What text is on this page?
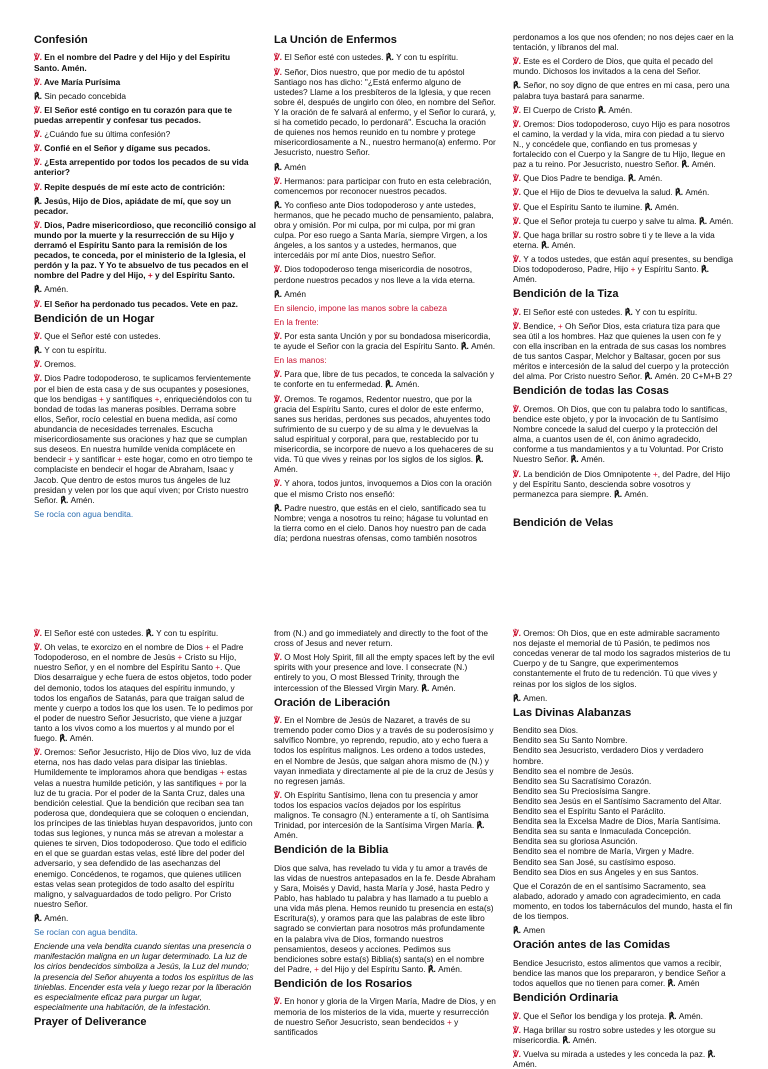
Confesión
℣. En el nombre del Padre y del Hijo y del Espíritu Santo. Amén.
℣. Ave María Purísima
℟. Sin pecado concebida
℣. El Señor esté contigo en tu corazón para que te puedas arrepentir y confesar tus pecados.
℣. ¿Cuándo fue su última confesión?
℣. Confié en el Señor y dígame sus pecados.
℣. ¿Esta arrepentido por todos los pecados de su vida anterior?
℣. Repite después de mí este acto de contrición:
℟. Jesús, Hijo de Dios, apiádate de mí, que soy un pecador.
℣. Dios, Padre misericordioso, que reconcilió consigo al mundo por la muerte y la resurrección de su Hijo y derramó el Espíritu Santo para la remisión de los pecados, te conceda, por el ministerio de la Iglesia, el perdón y la paz. Y Yo te absuelvo de tus pecados en el nombre del Padre y del Hijo, + y del Espíritu Santo.
℟. Amén.
℣. El Señor ha perdonado tus pecados. Vete en paz.
Bendición de un Hogar
℣. Que el Señor esté con ustedes.
℟. Y con tu espíritu.
℣. Oremos.
℣. Dios Padre todopoderoso, te suplicamos fervientemente por el bien de esta casa y de sus ocupantes y posesiones, que los bendigas + y santifiques +, enriqueciéndolos con tu bondad de todas las maneras posibles. Derrama sobre ellos, Señor, rocío celestial en buena medida, así como abundancia de necesidades terrenales. Escucha misericordiosamente sus oraciones y haz que se cumplan sus deseos. En nuestra humilde venida complácete en bendecir + y santificar + este hogar, como en otro tiempo te complaciste en bendecir el hogar de Abraham, Isaac y Jacob. Que dentro de estos muros tus ángeles de luz presidan y velen por los que aquí viven; por Cristo nuestro Señor. ℟. Amén.
Se rocía con agua bendita.
La Unción de Enfermos
℣. El Señor esté con ustedes. ℟. Y con tu espíritu.
℣. Señor, Dios nuestro, que por medio de tu apóstol Santiago nos has dicho: "¿Está enfermo alguno de ustedes? Llame a los presbíteros de la Iglesia, y que recen sobre él, después de ungirlo con óleo, en nombre del Señor. Y la oración de fe salvará al enfermo, y el Señor lo curará, y, si ha cometido pecado, lo perdonará". Escucha la oración de quienes nos hemos reunido en tu nombre y protege misericordiosamente a N., nuestro hermano(a) enfermo. Por Jesucristo, nuestro Señor.
℟. Amén
℣. Hermanos: para participar con fruto en esta celebración, comencemos por reconocer nuestros pecados.
℟. Yo confieso ante Dios todopoderoso y ante ustedes, hermanos, que he pecado mucho de pensamiento, palabra, obra y omisión. Por mi culpa, por mi culpa, por mi gran culpa. Por eso ruego a Santa María, siempre Virgen, a los ángeles, a los santos y a ustedes, hermanos, que intercedáis por mí ante Dios, nuestro Señor.
℣. Dios todopoderoso tenga misericordia de nosotros, perdone nuestros pecados y nos lleve a la vida eterna.
℟. Amén
En silencio, impone las manos sobre la cabeza
En la frente:
℣. Por esta santa Unción y por su bondadosa misericordia, te ayude el Señor con la gracia del Espíritu Santo. ℟. Amén.
En las manos:
℣. Para que, libre de tus pecados, te conceda la salvación y te conforte en tu enfermedad. ℟. Amén.
℣. Oremos. Te rogamos, Redentor nuestro, que por la gracia del Espíritu Santo, cures el dolor de este enfermo, sanes sus heridas, perdones sus pecados, ahuyentes todo sufrimiento de su cuerpo y de su alma y le devuelvas la salud espiritual y corporal, para que, restablecido por tu misericordia, se incorpore de nuevo a los quehaceres de su vida. Tú que vives y reinas por los siglos de los siglos. ℟. Amén.
℣. Y ahora, todos juntos, invoquemos a Dios con la oración que el mismo Cristo nos enseñó:
℟. Padre nuestro, que estás en el cielo, santificado sea tu Nombre; venga a nosotros tu reino; hágase tu voluntad en la tierra como en el cielo. Danos hoy nuestro pan de cada día; perdona nuestras ofensas, como también nosotros
perdonamos a los que nos ofenden; no nos dejes caer en la tentación, y líbranos del mal.
℣. Este es el Cordero de Dios, que quita el pecado del mundo. Dichosos los invitados a la cena del Señor.
℟. Señor, no soy digno de que entres en mi casa, pero una palabra tuya bastará para sanarme.
℣. El Cuerpo de Cristo ℟. Amén.
℣. Oremos: Dios todopoderoso, cuyo Hijo es para nosotros el camino, la verdad y la vida, mira con piedad a tu siervo N., y concédele que, confiando en tus promesas y fortalecido con el Cuerpo y la Sangre de tu Hijo, llegue en paz a tu reino. Por Jesucristo, nuestro Señor. ℟. Amén.
℣. Que Dios Padre te bendiga. ℟. Amén.
℣. Que el Hijo de Dios te devuelva la salud. ℟. Amén.
℣. Que el Espíritu Santo te ilumine. ℟. Amén.
℣. Que el Señor proteja tu cuerpo y salve tu alma. ℟. Amén.
℣. Que haga brillar su rostro sobre ti y te lleve a la vida eterna. ℟. Amén.
℣. Y a todos ustedes, que están aquí presentes, su bendiga Dios todopoderoso, Padre, Hijo + y Espíritu Santo. ℟. Amén.
Bendición de la Tiza
℣. El Señor esté con ustedes. ℟. Y con tu espíritu.
℣. Bendice, + Oh Señor Dios, esta criatura tiza para que sea útil a los hombres. Haz que quienes la usen con fe y con ella inscriban en la entrada de sus casas los nombres de tus santos Caspar, Melchor y Baltasar, gocen por sus méritos e intercesión de la salud del cuerpo y la protección del alma. Por Cristo nuestro Señor. ℟. Amén. 20 C+M+B 2?
Bendición de todas las Cosas
℣. Oremos. Oh Dios, que con tu palabra todo lo santificas, bendice este objeto, y por la invocación de tu Santísimo Nombre concede la salud del cuerpo y la protección del alma, a cuantos usen de él, con ánimo agradecido, conforme a tus mandamientos y a tu Voluntad. Por Cristo Nuestro Señor. ℟. Amén.
℣. La bendición de Dios Omnipotente +, del Padre, del Hijo y del Espíritu Santo, descienda sobre vosotros y permanezca para siempre. ℟. Amén.
Bendición de Velas
℣. El Señor esté con ustedes. ℟. Y con tu espíritu.
℣. Oh velas, te exorcizo en el nombre de Dios + el Padre Todopoderoso, en el nombre de Jesús + Cristo su Hijo, nuestro Señor, y en el nombre del Espíritu Santo +. Que Dios desarraigue y eche fuera de estos objetos, todo poder del demonio, todos los ataques del espíritu inmundo, y todos los engaños de Satanás, para que traigan salud de mente y cuerpo a todos los que los usen. Te lo pedimos por el poder de nuestro Señor Jesucristo, que viene a juzgar tanto a los vivos como a los muertos y al mundo por el fuego. ℟. Amén.
℣. Oremos: Señor Jesucristo, Hijo de Dios vivo, luz de vida eterna, nos has dado velas para disipar las tinieblas. Humildemente te imploramos ahora que bendigas + estas velas a nuestra humilde petición, y las santifiques + por la luz de tu gracia. Por el poder de la Santa Cruz, dales una bendición celestial. Que la bendición que reciban sea tan poderosa que, dondequiera que se coloquen o enciendan, los príncipes de las tinieblas huyan despavoridos, junto con todas sus legiones, y nunca más se atrevan a molestar a quienes te sirven, Dios todopoderoso. Que todo el edificio en el que se guardan estas velas, esté libre del poder del adversario, y sea defendido de las asechanzas del enemigo. Concédenos, te rogamos, que quienes utilicen estas velas sean protegidos de todo asalto del espíritu maligno, y salvaguardados de todo peligro. Por Cristo nuestro Señor.
℟. Amén.
Se rocían con agua bendita.
Enciende una vela bendita cuando sientas una presencia o manifestación maligna en un lugar determinado. La luz de los cirios bendecidos simboliza a Jesús, la Luz del mundo; la presencia del Señor ahuyenta a todos los espíritus de las tinieblas. Encender esta vela y luego rezar por la liberación es especialmente eficaz para purgar un lugar, especialmente una habitación, de la infestación.
Prayer of Deliverance
from (N.) and go immediately and directly to the foot of the cross of Jesus and never return.
℣. O Most Holy Spirit, fill all the empty spaces left by the evil spirits with your presence and love. I consecrate (N.) entirely to you, O most Blessed Trinity, through the intercession of the Blessed Virgin Mary. ℟. Amén.
Oración de Liberación
℣. En el Nombre de Jesús de Nazaret, a través de su tremendo poder como Dios y a través de su poderosísimo y salvífico Nombre, yo reprendo, repudio, ato y echo fuera a todos los espíritus malignos. Les ordeno a todos ustedes, en el Nombre de Jesús, que salgan ahora mismo de (N.) y vayan inmediata y directamente al pie de la cruz de Jesús y no regresen jamás.
℣. Oh Espíritu Santísimo, llena con tu presencia y amor todos los espacios vacíos dejados por los espíritus malignos. Te consagro (N.) enteramente a tí, oh Santísima Trinidad, por intercesión de la Santísima Virgen María. ℟. Amén.
Bendición de la Biblia
Dios que salva, has revelado tu vida y tu amor a través de las vidas de nuestros antepasados en la fe. Desde Abraham y Sara, Moisés y David, hasta María y José, hasta Pedro y Pablo, has hablado tu palabra y has llamado a tu pueblo a una vida más plena. Hemos reunido tu presencia en esta(s) Escritura(s), y oramos para que las palabras de este libro sagrado se conviertan para nosotros más profundamente en la palabra viva de Dios, formando nuestros pensamientos, deseos y acciones. Pedimos sus bendiciones sobre esta(s) Biblia(s) santa(s) en el nombre del Padre, + del Hijo y del Espíritu Santo. ℟. Amén.
Bendición de los Rosarios
℣. En honor y gloria de la Virgen María, Madre de Dios, y en memoria de los misterios de la vida, muerte y resurrección de nuestro Señor Jesucristo, sean bendecidos + y santificados
℣. Oremos: Oh Dios, que en este admirable sacramento nos dejaste el memorial de tú Pasión, te pedimos nos concedas venerar de tal modo los sagrados misterios de tu Cuerpo y de tu Sangre, que experimentemos constantemente el fruto de tu redención. Tú que vives y reinas por los siglos de los siglos.
℟. Amen.
Las Divinas Alabanzas
Bendito sea Dios.
Bendito sea Su Santo Nombre.
Bendito sea Jesucristo, verdadero Dios y verdadero hombre.
Bendito sea el nombre de Jesús.
Bendito sea Su Sacratísimo Corazón.
Bendito sea Su Preciosísima Sangre.
Bendito sea Jesús en el Santísimo Sacramento del Altar.
Bendito sea el Espíritu Santo el Paráclito.
Bendita sea la Excelsa Madre de Dios, María Santísima.
Bendita sea su santa e Inmaculada Concepción.
Bendita sea su gloriosa Asunción.
Bendito sea el nombre de María, Virgen y Madre.
Bendito sea San José, su castísimo esposo.
Bendito sea Dios en sus Ángeles y en sus Santos.
Que el Corazón de en el santísimo Sacramento, sea alabado, adorado y amado con agradecimiento, en cada momento, en todos los tabernáculos del mundo, hasta el fin de los tiempos.
℟. Amen
Oración antes de las Comidas
Bendice Jesucristo, estos alimentos que vamos a recibir, bendice las manos que los prepararon, y bendice Señor a todos aquellos que no tienen para comer. ℟. Amén
Bendición Ordinaria
℣. Que el Señor los bendiga y los proteja. ℟. Amén.
℣. Haga brillar su rostro sobre ustedes y les otorgue su misericordia. ℟. Amén.
℣. Vuelva su mirada a ustedes y les conceda la paz. ℟. Amén.
